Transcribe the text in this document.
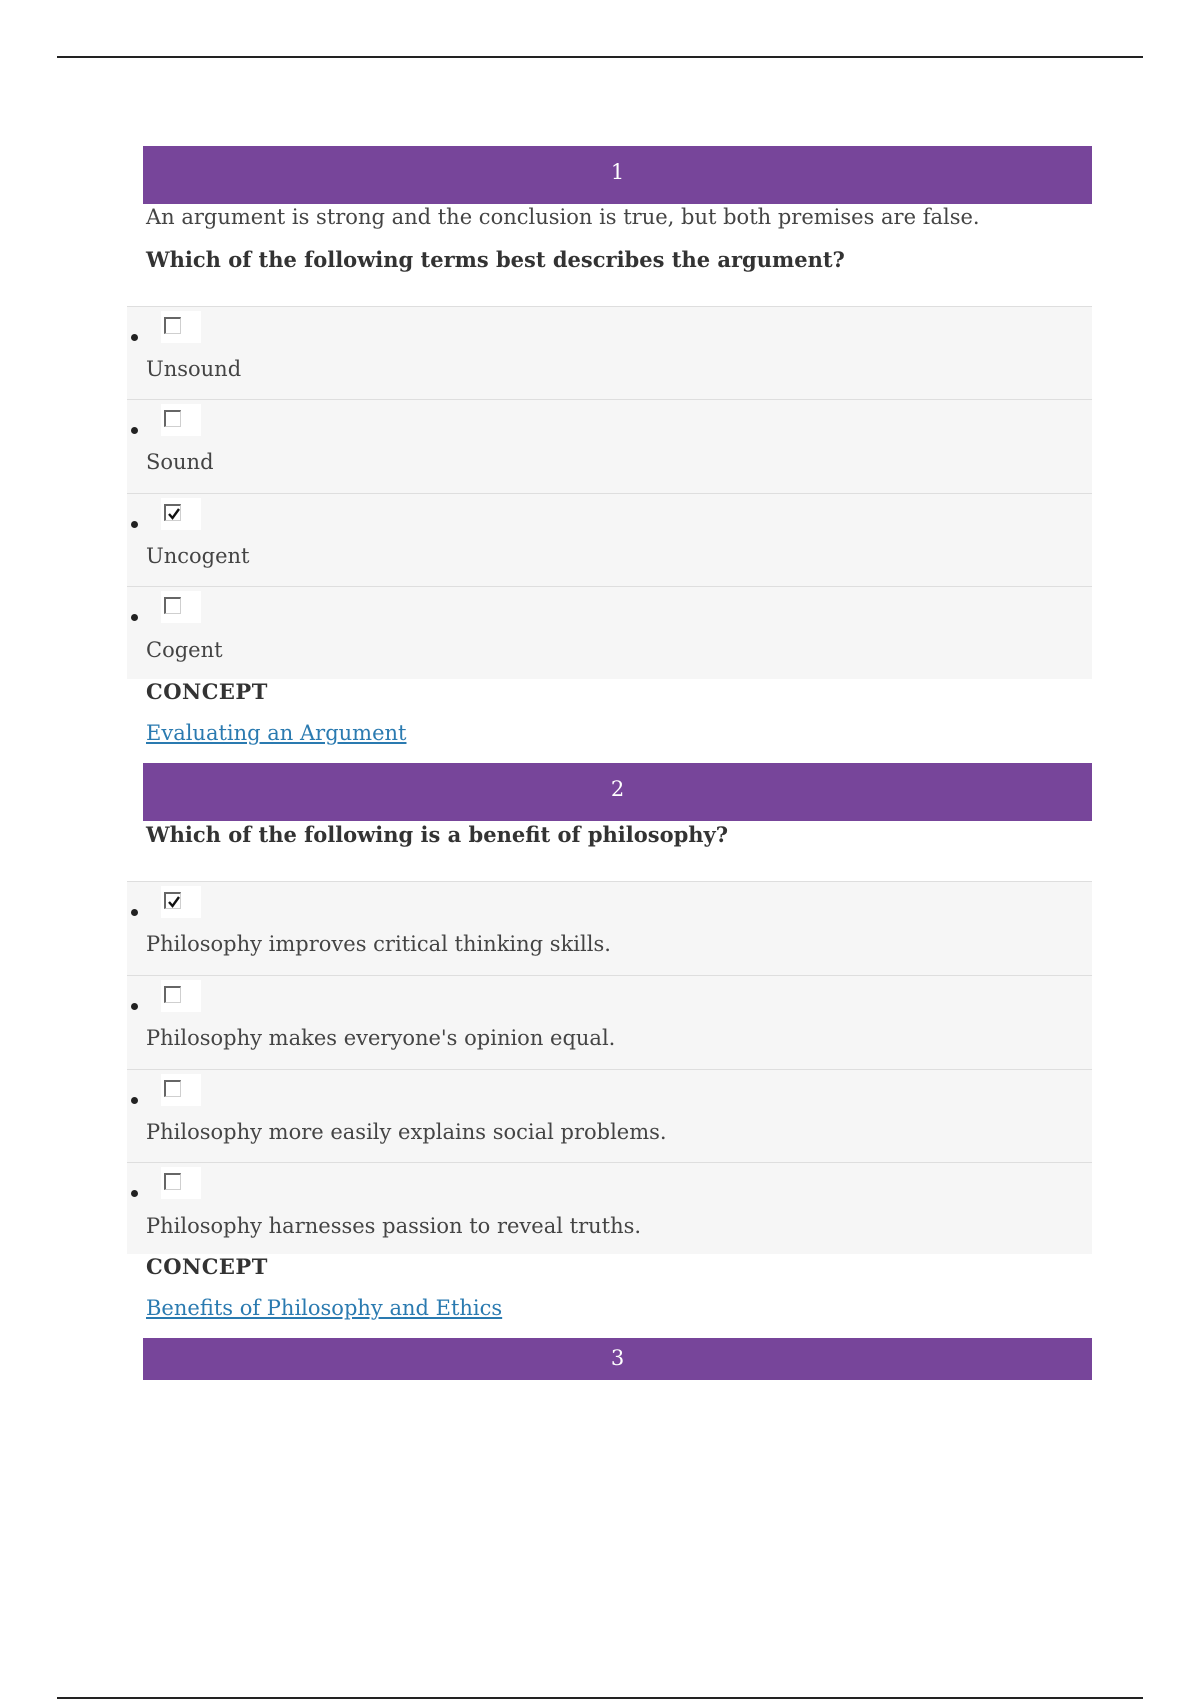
1
An argument is strong and the conclusion is true, but both premises are false.
Which of the following terms best describes the argument?
Unsound
Sound
Uncogent
Cogent
CONCEPT
Evaluating an Argument
2
Which of the following is a benefit of philosophy?
Philosophy improves critical thinking skills.
Philosophy makes everyone's opinion equal.
Philosophy more easily explains social problems.
Philosophy harnesses passion to reveal truths.
CONCEPT
Benefits of Philosophy and Ethics
3
